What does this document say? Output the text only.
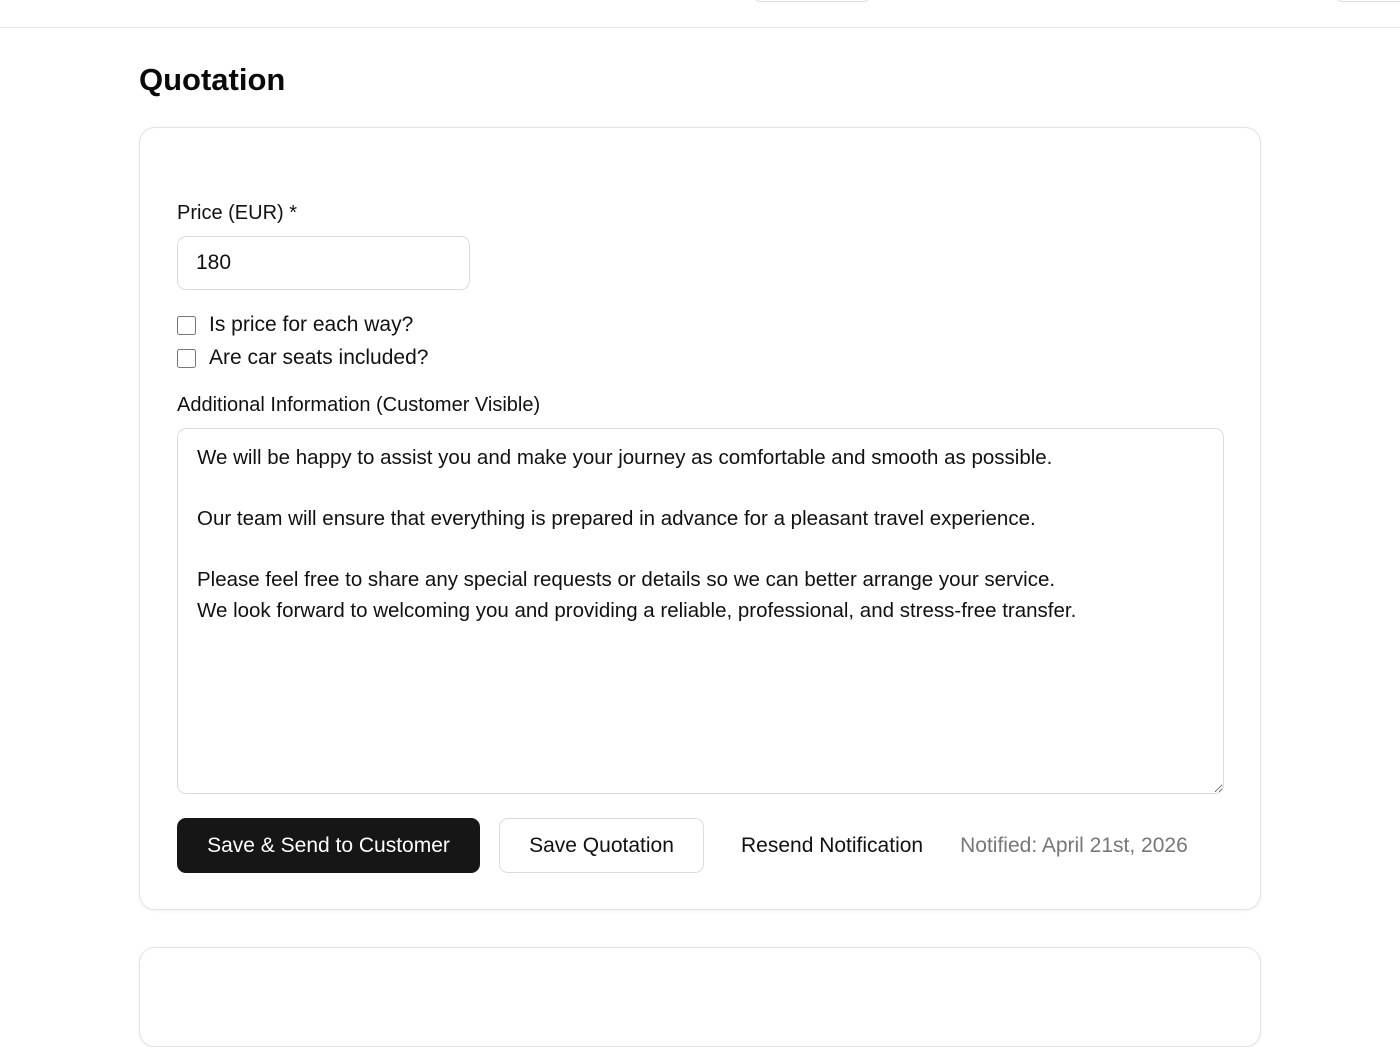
Quotation
Price (EUR) *
180
Is price for each way?
Are car seats included?
Additional Information (Customer Visible)
We will be happy to assist you and make your journey as comfortable and smooth as possible. Our team will ensure that everything is prepared in advance for a pleasant travel experience. Please feel free to share any special requests or details so we can better arrange your service. We look forward to welcoming you and providing a reliable, professional, and stress-free transfer.
Save & Send to Customer	Save Quotation	Resend Notification	Notified: April 21st, 2026
